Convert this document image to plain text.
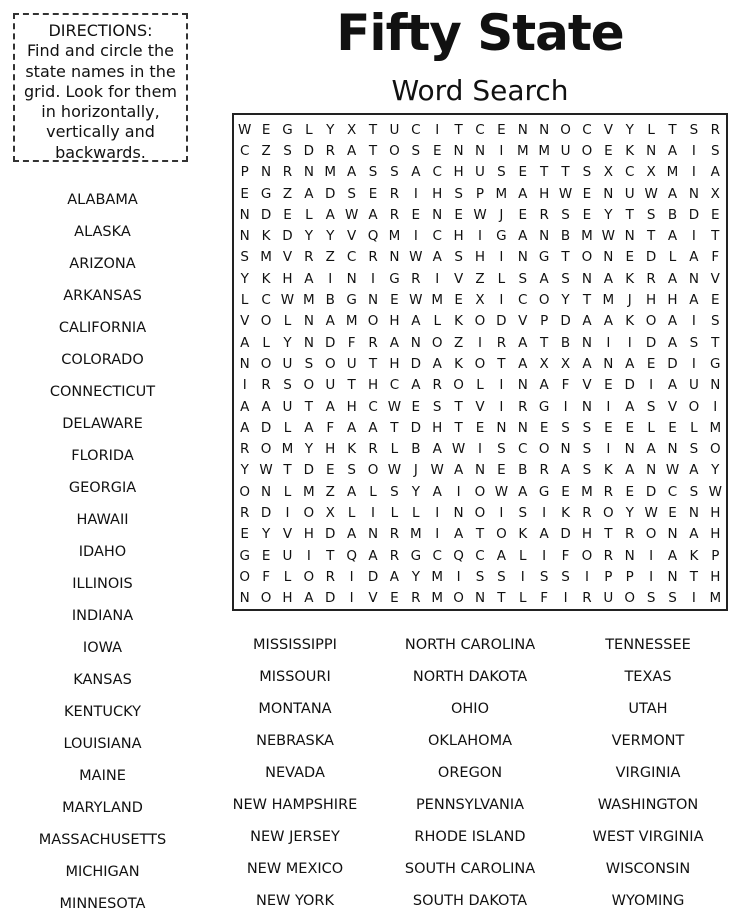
DIRECTIONS:
Find and circle the
state names in the
grid. Look for them
in horizontally,
vertically and
backwards.
Fifty State
Word Search
W E G L	Y X T U C	I	T C E N N O C V Y	L	T S R
C Z S D R A T O S E N N	I	M M U O E K N A	I	S
P N R N M A S S A C H U S E T T S X C X M	I	A
E G Z A D S E R	I	H S P M A H W E N U W A N X
N D E L A W A R E N E W J	E R S E Y T S B D E
N K D Y Y V Q M	I	C H	I	G A N B M W N T A	I	T
S M V R Z C R N W A S H	I	N G T O N E D L A F
Y K H A	I	N	I	G R	I	V Z L S A S N A K R A N V
L C W M B G N E W M E X	I	C O Y T M	J	H H A E
V O L N A M O H A L K O D V P D A A K O A	I	S
A L	Y N D F R A N O Z	I	R A T B N	I	I	D A S T
N O U S O U T H D A K O T A X X A N A E D	I	G
I	R S O U T H C A R O L	I	N A F V E D	I	A U N
A A U T A H C W E S T V	I	R G	I	N	I	A S V O	I
A D L A F A A T D H T E N N E S S E E L E L M
R O M Y H K R L B A W I	S C O N S	I	N A N S O
Y W T D E S O W J W A N E B R A S K A N W A Y
O N L M Z A L S Y A	I	O W A G E M R E D C S W
R D	I	O X L	I	L	L	I	N O	I	S	I	K R O Y W E N H
E Y V H D A N R M	I	A T O K A D H T R O N A H
G E U	I	T Q A R G C Q C A L	I	F O R N	I	A K P
O F	L O R	I	D A Y M	I	S S	I	S S	I	P P	I	N T H
N O H A D	I	V E R M O N T	L	F	I	R U O S S	I	M
ALABAMA
ALASKA
ARIZONA
ARKANSAS
CALIFORNIA
COLORADO
CONNECTICUT
DELAWARE
FLORIDA
GEORGIA
HAWAII
IDAHO
ILLINOIS
INDIANA
IOWA
KANSAS
KENTUCKY
LOUISIANA
MAINE
MARYLAND
MASSACHUSETTS
MICHIGAN
MINNESOTA
MISSISSIPPI
MISSOURI
MONTANA
NEBRASKA
NEVADA
NEW HAMPSHIRE
NEW JERSEY
NEW MEXICO
NEW YORK
NORTH CAROLINA
NORTH DAKOTA
OHIO
OKLAHOMA
OREGON
PENNSYLVANIA
RHODE ISLAND
SOUTH CAROLINA
SOUTH DAKOTA
TENNESSEE
TEXAS
UTAH
VERMONT
VIRGINIA
WASHINGTON
WEST VIRGINIA
WISCONSIN
WYOMING
